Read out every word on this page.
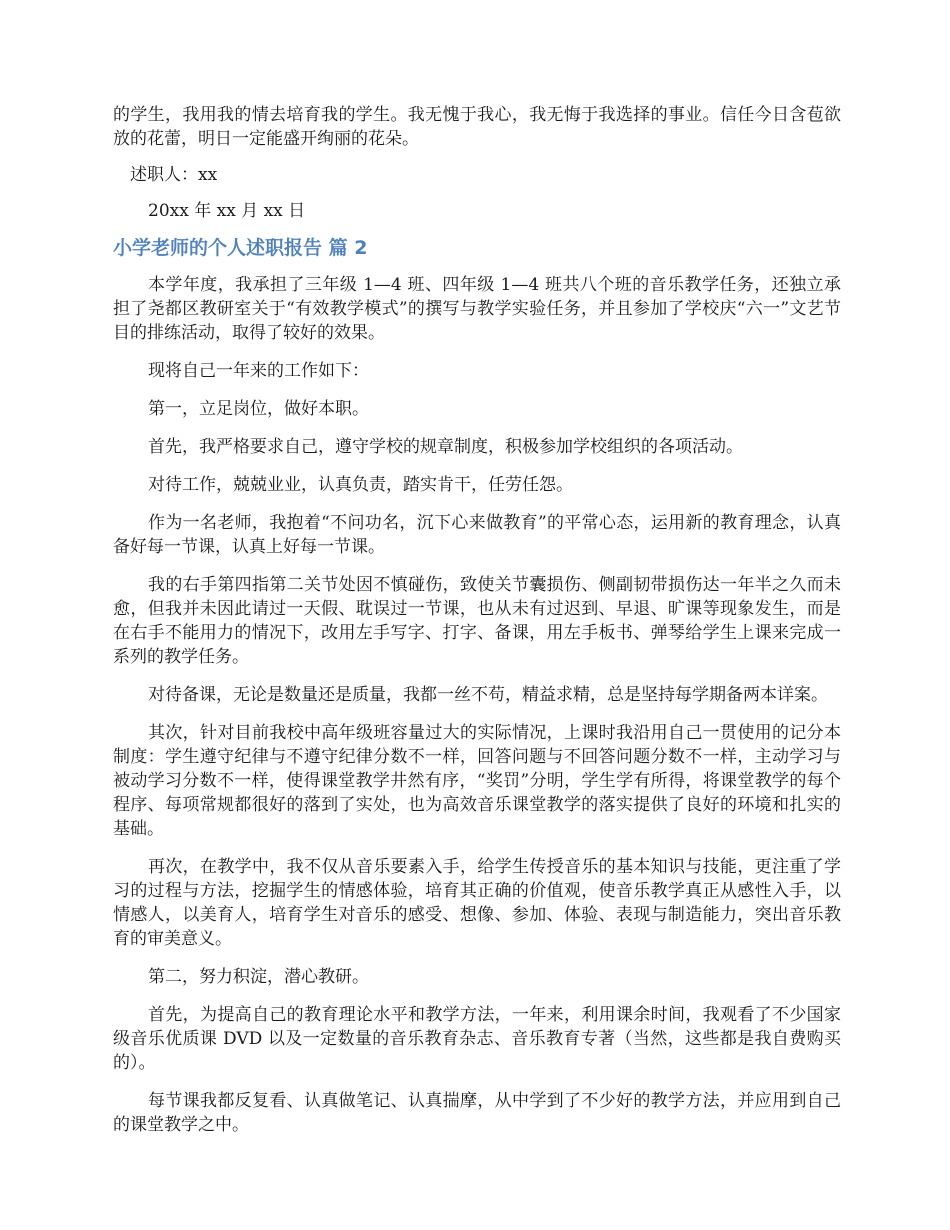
的学生，我用我的情去培育我的学生。我无愧于我心，我无悔于我选择的事业。信任今日含苞欲放的花蕾，明日一定能盛开绚丽的花朵。

述职人：xx

20xx 年 xx 月 xx 日

小学老师的个人述职报告 篇 2

本学年度，我承担了三年级 1—4 班、四年级 1—4 班共八个班的音乐教学任务，还独立承担了尧都区教研室关于“有效教学模式”的撰写与教学实验任务，并且参加了学校庆“六一”文艺节目的排练活动，取得了较好的效果。

现将自己一年来的工作如下：

第一，立足岗位，做好本职。

首先，我严格要求自己，遵守学校的规章制度，积极参加学校组织的各项活动。

对待工作，兢兢业业，认真负责，踏实肯干，任劳任怨。

作为一名老师，我抱着“不问功名，沉下心来做教育”的平常心态，运用新的教育理念，认真备好每一节课，认真上好每一节课。

我的右手第四指第二关节处因不慎碰伤，致使关节囊损伤、侧副韧带损伤达一年半之久而未愈，但我并未因此请过一天假、耽误过一节课，也从未有过迟到、早退、旷课等现象发生，而是在右手不能用力的情况下，改用左手写字、打字、备课，用左手板书、弹琴给学生上课来完成一系列的教学任务。

对待备课，无论是数量还是质量，我都一丝不苟，精益求精，总是坚持每学期备两本详案。

其次，针对目前我校中高年级班容量过大的实际情况，上课时我沿用自己一贯使用的记分本制度：学生遵守纪律与不遵守纪律分数不一样，回答问题与不回答问题分数不一样，主动学习与被动学习分数不一样，使得课堂教学井然有序，“奖罚”分明，学生学有所得，将课堂教学的每个程序、每项常规都很好的落到了实处，也为高效音乐课堂教学的落实提供了良好的环境和扎实的基础。

再次，在教学中，我不仅从音乐要素入手，给学生传授音乐的基本知识与技能，更注重了学习的过程与方法，挖掘学生的情感体验，培育其正确的价值观，使音乐教学真正从感性入手，以情感人，以美育人，培育学生对音乐的感受、想像、参加、体验、表现与制造能力，突出音乐教育的审美意义。

第二，努力积淀，潜心教研。

首先，为提高自己的教育理论水平和教学方法，一年来，利用课余时间，我观看了不少国家级音乐优质课 DVD 以及一定数量的音乐教育杂志、音乐教育专著（当然，这些都是我自费购买的）。

每节课我都反复看、认真做笔记、认真揣摩，从中学到了不少好的教学方法，并应用到自己的课堂教学之中。
